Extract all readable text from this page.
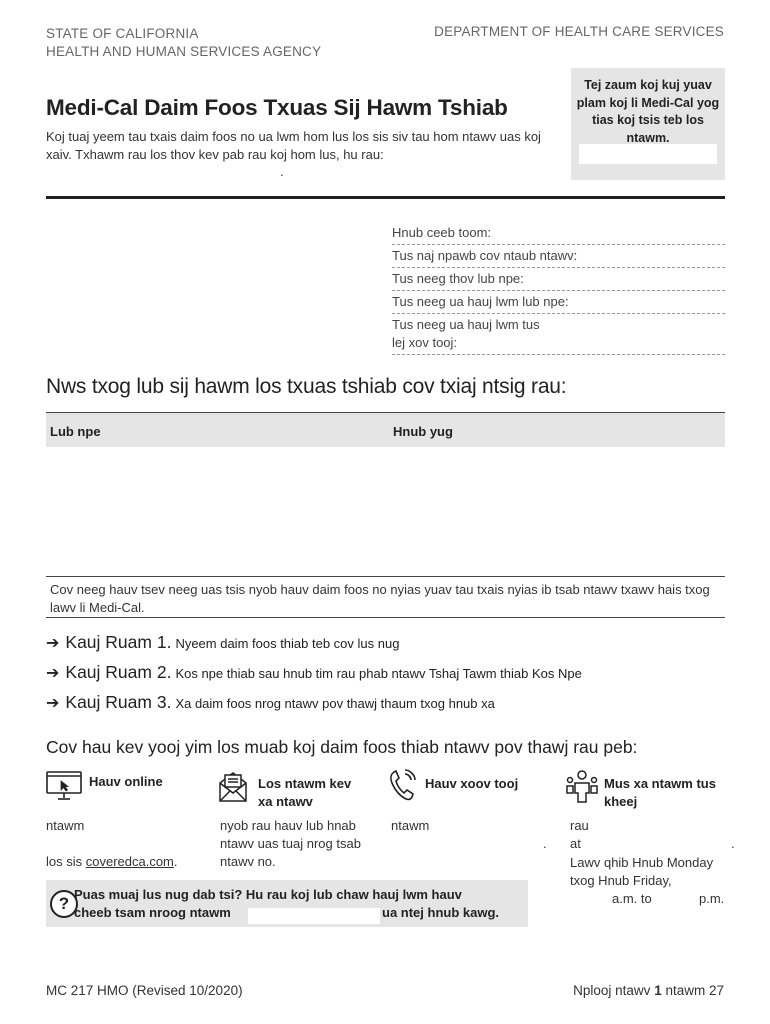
STATE OF CALIFORNIA
HEALTH AND HUMAN SERVICES AGENCY
DEPARTMENT OF HEALTH CARE SERVICES
Medi-Cal Daim Foos Txuas Sij Hawm Tshiab
Koj tuaj yeem tau txais daim foos no ua lwm hom lus los sis siv tau hom ntawv uas koj xaiv. Txhawm rau los thov kev pab rau koj hom lus, hu rau:
.
Tej zaum koj kuj yuav plam koj li Medi-Cal yog tias koj tsis teb los ntawm.
Hnub ceeb toom:
Tus naj npawb cov ntaub ntawv:
Tus neeg thov lub npe:
Tus neeg ua hauj lwm lub npe:
Tus neeg ua hauj lwm tus lej xov tooj:
Nws txog lub sij hawm los txuas tshiab cov txiaj ntsig rau:
Lub npe	Hnub yug
Cov neeg hauv tsev neeg uas tsis nyob hauv daim foos no nyias yuav tau txais nyias ib tsab ntawv txawv hais txog lawv li Medi-Cal.
➔ Kauj Ruam 1. Nyeem daim foos thiab teb cov lus nug
➔ Kauj Ruam 2. Kos npe thiab sau hnub tim rau phab ntawv Tshaj Tawm thiab Kos Npe
➔ Kauj Ruam 3. Xa daim foos nrog ntawv pov thawj thaum txog hnub xa
Cov hau kev yooj yim los muab koj daim foos thiab ntawv pov thawj rau peb:
Hauv online
ntawm
los sis coveredca.com.
Los ntawm kev xa ntawv
nyob rau hauv lub hnab ntawv uas tuaj nrog tsab ntawv no.
Hauv xoov tooj
ntawm
.
Mus xa ntawm tus kheej
rau
at	.
Lawv qhib Hnub Monday txog Hnub Friday,
a.m. to	p.m.
? Puas muaj lus nug dab tsi? Hu rau koj lub chaw hauj lwm hauv
cheeb tsam nroog ntawm	ua ntej hnub kawg.
MC 217 HMO (Revised 10/2020)	Nplooj ntawv 1 ntawm 27
